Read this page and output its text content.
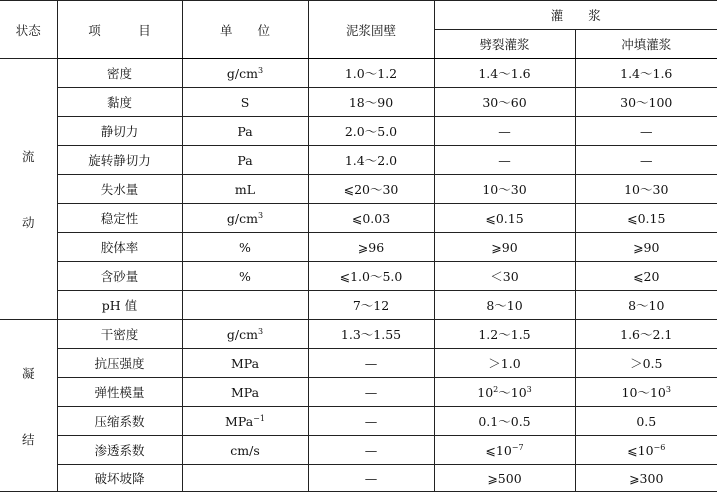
状态	项　　　 目	单　　 位	泥浆固壁	灌　　浆	
				劈裂灌浆	冲填灌浆

流
动	密度	$g/cm^3$	1.0～1.2	1.4～1.6	1.4～1.6
	黏度	S	18～90	30～60	30～100
	静切力	Pa	2.0～5.0	—	—
	旋转静切力	Pa	1.4～2.0	—	—
	失水量	mL	⩽20～30	10～30	10～30
	稳定性	$g/cm^3$	⩽0.03	⩽0.15	⩽0.15
	胶体率	%	⩾96	⩾90	⩾90
	含砂量	%	⩽1.0～5.0	＜30	⩽20
	pH 值		7～12	8～10	8～10

凝
结	干密度	$g/cm^3$	1.3～1.55	1.2～1.5	1.6～2.1
	抗压强度	MPa	—	＞1.0	＞0.5
	弹性模量	MPa	—	$10^2\sim 10^3$	$10\sim 10^3$
	压缩系数	MPa$^{-1}$	—	0.1～0.5	0.5
	渗透系数	cm/s	—	$⩽10^{-7}$	$⩽10^{-6}$
	破坏坡降		—	⩾500	⩾300
